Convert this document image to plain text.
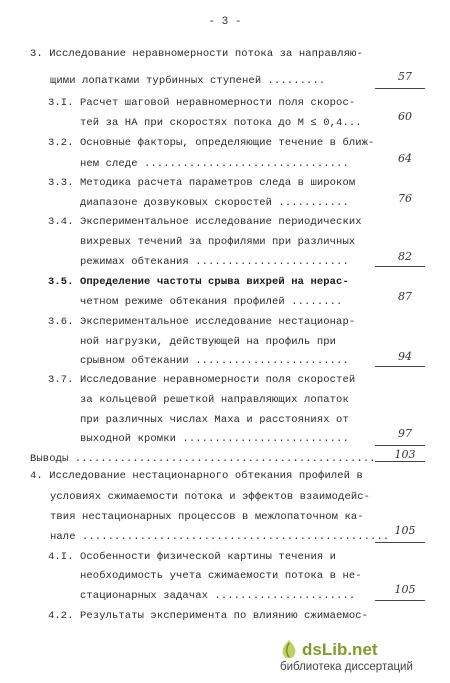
- 3 -
3. Исследование неравномерности потока за направляю-
щими лопатками турбинных ступеней .........	57
3.I. Расчет шаговой неравномерности поля скорос-
тей за НА при скоростях потока до M ≤ 0,4...	60
3.2. Основные факторы, определяющие течение в ближ-
нем следе ................................	64
3.3. Методика расчета параметров следа в широком
диапазоне дозвуковых скоростей ...........	76
3.4. Экспериментальное исследование периодических
вихревых течений за профилями при различных
режимах обтекания ........................	82
3.5. Определение частоты срыва вихрей на нерас-
четном режиме обтекания профилей ........	87
3.6. Экспериментальное исследование нестационар-
ной нагрузки, действующей на профиль при
срывном обтекании ........................	94
3.7. Исследование неравномерности поля скоростей
за кольцевой решеткой направляющих лопаток
при различных числах Маха и расстояниях от
выходной кромки ..........................	97
Выводы ...............................................	103
4. Исследование нестационарного обтекания профилей в
условиях сжимаемости потока и эффектов взаимодейс-
твия нестационарных процессов в межлопаточном ка-
нале ................................................ 105
4.I. Особенности физической картины течения и
необходимость учета сжимаемости потока в не-
стационарных задачах ......................	105
4.2. Результаты эксперимента по влиянию сжимаемос-
dsLib.net
библиотека диссертаций
